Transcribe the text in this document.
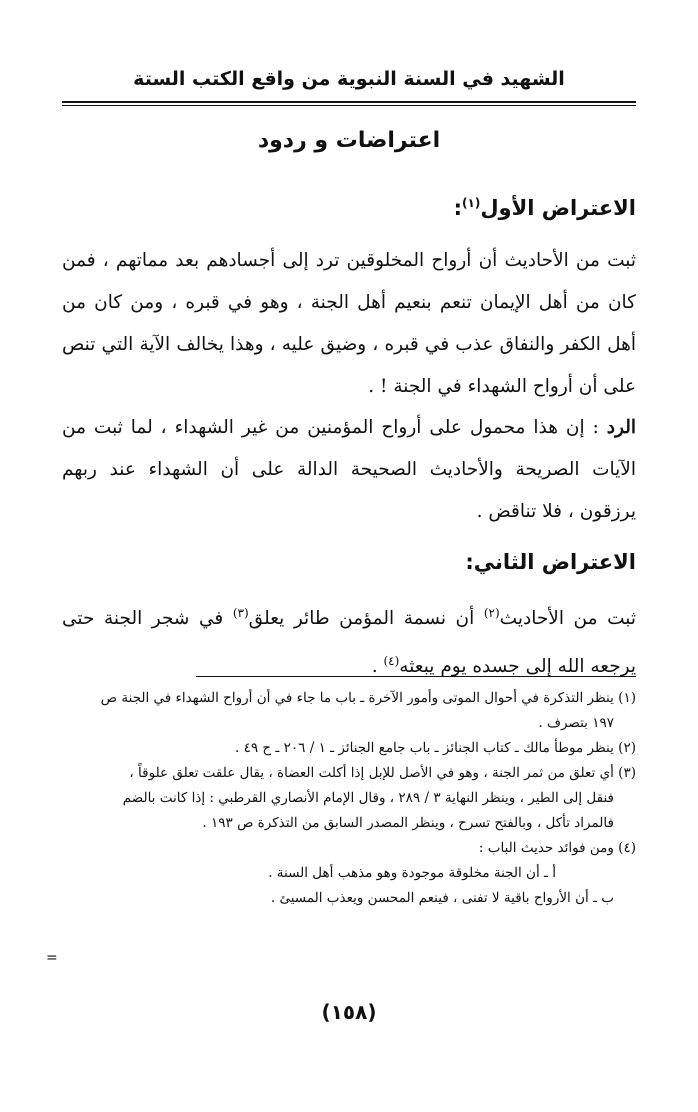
الشهيد في السنة النبوية من واقع الكتب الستة
اعتراضات و ردود
الاعتراض الأول$^{(١)}$:
ثبت من الأحاديث أن أرواح المخلوقين ترد إلى أجسادهم بعد مماتهم ، فمن كان من أهل الإيمان تنعم بنعيم أهل الجنة ، وهو في قبره ، ومن كان من أهل الكفر والنفاق عذب في قبره ، وضيق عليه ، وهذا يخالف الآية التي تنص على أن أرواح الشهداء في الجنة ! .
الرد : إن هذا محمول على أرواح المؤمنين من غير الشهداء ، لما ثبت من الآيات الصريحة والأحاديث الصحيحة الدالة على أن الشهداء عند ربهم يرزقون ، فلا تناقض .
الاعتراض الثاني:
ثبت من الأحاديث$^{(٢)}$ أن نسمة المؤمن طائر يعلق$^{(٣)}$ في شجر الجنة حتى يرجعه الله إلى جسده يوم يبعثه$^{(٤)}$ .

(١) ينظر التذكرة في أحوال الموتى وأمور الآخرة ـ باب ما جاء في أن أرواح الشهداء في الجنة ص

١٩٧ بتصرف .

(٢) ينظر موطأ مالك ـ كتاب الجنائز ـ باب جامع الجنائز ـ ١ / ٢٠٦ ـ ح ٤٩ .

(٣) أي تعلق من ثمر الجنة ، وهو في الأصل للإبل إذا أكلت العضاة ، يقال علقت تعلق علوقاً ،

فنقل إلى الطير ، وينظر النهاية ٣ / ٢٨٩ ، وقال الإمام الأنصاري القرطبي : إذا كانت بالضم

فالمراد تأكل ، وبالفتح تسرح ، وينظر المصدر السابق من التذكرة ص ١٩٣ .

(٤) ومن فوائد حديث الباب :

أ ـ أن الجنة مخلوقة موجودة وهو مذهب أهل السنة .

ب ـ أن الأرواح باقية لا تفنى ، فينعم المحسن ويعذب المسيئ .

=
(١٥٨)
